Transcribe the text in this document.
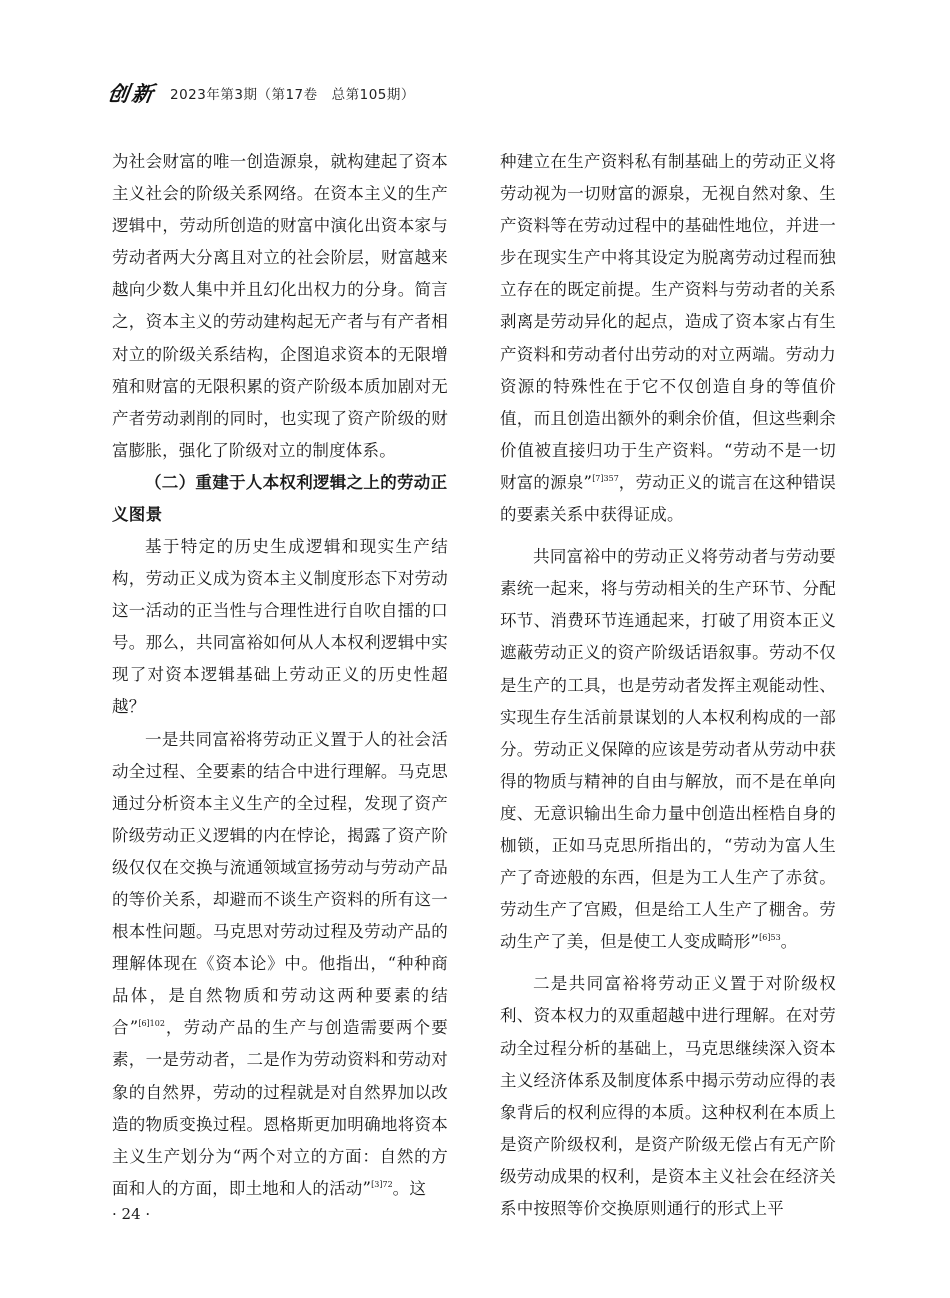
创新 2023年第3期（第17卷　总第105期）

为社会财富的唯一创造源泉，就构建起了资本主义社会的阶级关系网络。在资本主义的生产逻辑中，劳动所创造的财富中演化出资本家与劳动者两大分离且对立的社会阶层，财富越来越向少数人集中并且幻化出权力的分身。简言之，资本主义的劳动建构起无产者与有产者相对立的阶级关系结构，企图追求资本的无限增殖和财富的无限积累的资产阶级本质加剧对无产者劳动剥削的同时，也实现了资产阶级的财富膨胀，强化了阶级对立的制度体系。

（二）重建于人本权利逻辑之上的劳动正义图景

基于特定的历史生成逻辑和现实生产结构，劳动正义成为资本主义制度形态下对劳动这一活动的正当性与合理性进行自吹自擂的口号。那么，共同富裕如何从人本权利逻辑中实现了对资本逻辑基础上劳动正义的历史性超越？

一是共同富裕将劳动正义置于人的社会活动全过程、全要素的结合中进行理解。马克思通过分析资本主义生产的全过程，发现了资产阶级劳动正义逻辑的内在悖论，揭露了资产阶级仅仅在交换与流通领域宣扬劳动与劳动产品的等价关系，却避而不谈生产资料的所有这一根本性问题。马克思对劳动过程及劳动产品的理解体现在《资本论》中。他指出，“种种商品体，是自然物质和劳动这两种要素的结合”$^{[6]102}$，劳动产品的生产与创造需要两个要素，一是劳动者，二是作为劳动资料和劳动对象的自然界，劳动的过程就是对自然界加以改造的物质变换过程。恩格斯更加明确地将资本主义生产划分为“两个对立的方面：自然的方面和人的方面，即土地和人的活动”$^{[3]72}$。这

种建立在生产资料私有制基础上的劳动正义将劳动视为一切财富的源泉，无视自然对象、生产资料等在劳动过程中的基础性地位，并进一步在现实生产中将其设定为脱离劳动过程而独立存在的既定前提。生产资料与劳动者的关系剥离是劳动异化的起点，造成了资本家占有生产资料和劳动者付出劳动的对立两端。劳动力资源的特殊性在于它不仅创造自身的等值价值，而且创造出额外的剩余价值，但这些剩余价值被直接归功于生产资料。“劳动不是一切财富的源泉”$^{[7]357}$，劳动正义的谎言在这种错误的要素关系中获得证成。

共同富裕中的劳动正义将劳动者与劳动要素统一起来，将与劳动相关的生产环节、分配环节、消费环节连通起来，打破了用资本正义遮蔽劳动正义的资产阶级话语叙事。劳动不仅是生产的工具，也是劳动者发挥主观能动性、实现生存生活前景谋划的人本权利构成的一部分。劳动正义保障的应该是劳动者从劳动中获得的物质与精神的自由与解放，而不是在单向度、无意识输出生命力量中创造出桎梏自身的枷锁，正如马克思所指出的，“劳动为富人生产了奇迹般的东西，但是为工人生产了赤贫。劳动生产了宫殿，但是给工人生产了棚舍。劳动生产了美，但是使工人变成畸形”$^{[6]53}$。

二是共同富裕将劳动正义置于对阶级权利、资本权力的双重超越中进行理解。在对劳动全过程分析的基础上，马克思继续深入资本主义经济体系及制度体系中揭示劳动应得的表象背后的权利应得的本质。这种权利在本质上是资产阶级权利，是资产阶级无偿占有无产阶级劳动成果的权利，是资本主义社会在经济关系中按照等价交换原则通行的形式上平

· 24 ·
